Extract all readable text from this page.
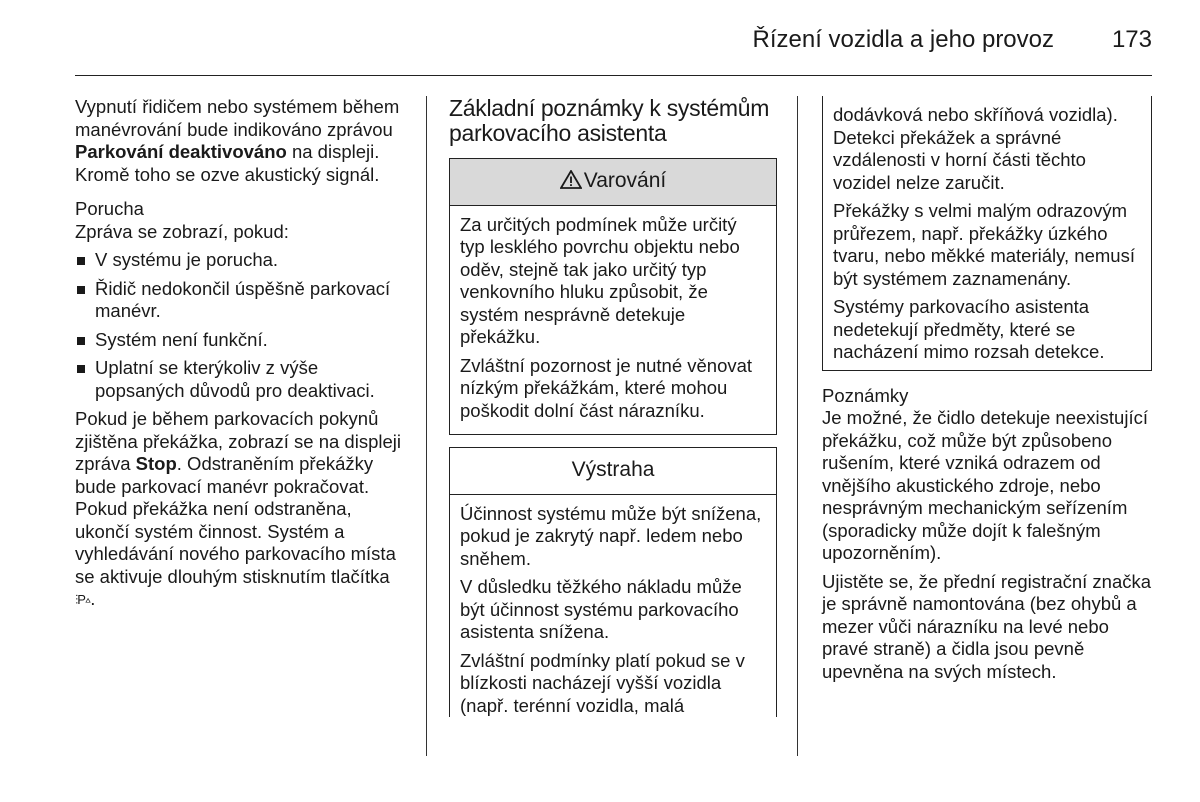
Řízení vozidla a jeho provoz 173

Vypnutí řidičem nebo systémem během manévrování bude indikováno zprávou Parkování deaktivováno na displeji. Kromě toho se ozve akustický signál.

Porucha

Zpráva se zobrazí, pokud:

V systému je porucha.
Řidič nedokončil úspěšně parkovací manévr.
Systém není funkční.
Uplatní se kterýkoliv z výše popsaných důvodů pro deaktivaci.

Pokud je během parkovacích pokynů zjištěna překážka, zobrazí se na displeji zpráva Stop. Odstraněním překážky bude parkovací manévr pokračovat. Pokud překážka není odstraněna, ukončí systém činnost. Systém a vyhledávání nového parkovacího místa se aktivuje dlouhým stisknutím tlačítka ⫶P▵.

Základní poznámky k systémům parkovacího asistenta
Varování

Za určitých podmínek může určitý typ lesklého povrchu objektu nebo oděv, stejně tak jako určitý typ venkovního hluku způsobit, že systém nesprávně detekuje překážku.

Zvláštní pozornost je nutné věnovat nízkým překážkám, které mohou poškodit dolní část nárazníku.

Výstraha

Účinnost systému může být snížena, pokud je zakrytý např. ledem nebo sněhem.

V důsledku těžkého nákladu může být účinnost systému parkovacího asistenta snížena.

Zvláštní podmínky platí pokud se v blízkosti nacházejí vyšší vozidla (např. terénní vozidla, malá

dodávková nebo skříňová vozidla). Detekci překážek a správné vzdálenosti v horní části těchto vozidel nelze zaručit.

Překážky s velmi malým odrazovým průřezem, např. překážky úzkého tvaru, nebo měkké materiály, nemusí být systémem zaznamenány.

Systémy parkovacího asistenta nedetekují předměty, které se nacházení mimo rozsah detekce.

Poznámky

Je možné, že čidlo detekuje neexistující překážku, což může být způsobeno rušením, které vzniká odrazem od vnějšího akustického zdroje, nebo nesprávným mechanickým seřízením (sporadicky může dojít k falešným upozorněním).

Ujistěte se, že přední registrační značka je správně namontována (bez ohybů a mezer vůči nárazníku na levé nebo pravé straně) a čidla jsou pevně upevněna na svých místech.
